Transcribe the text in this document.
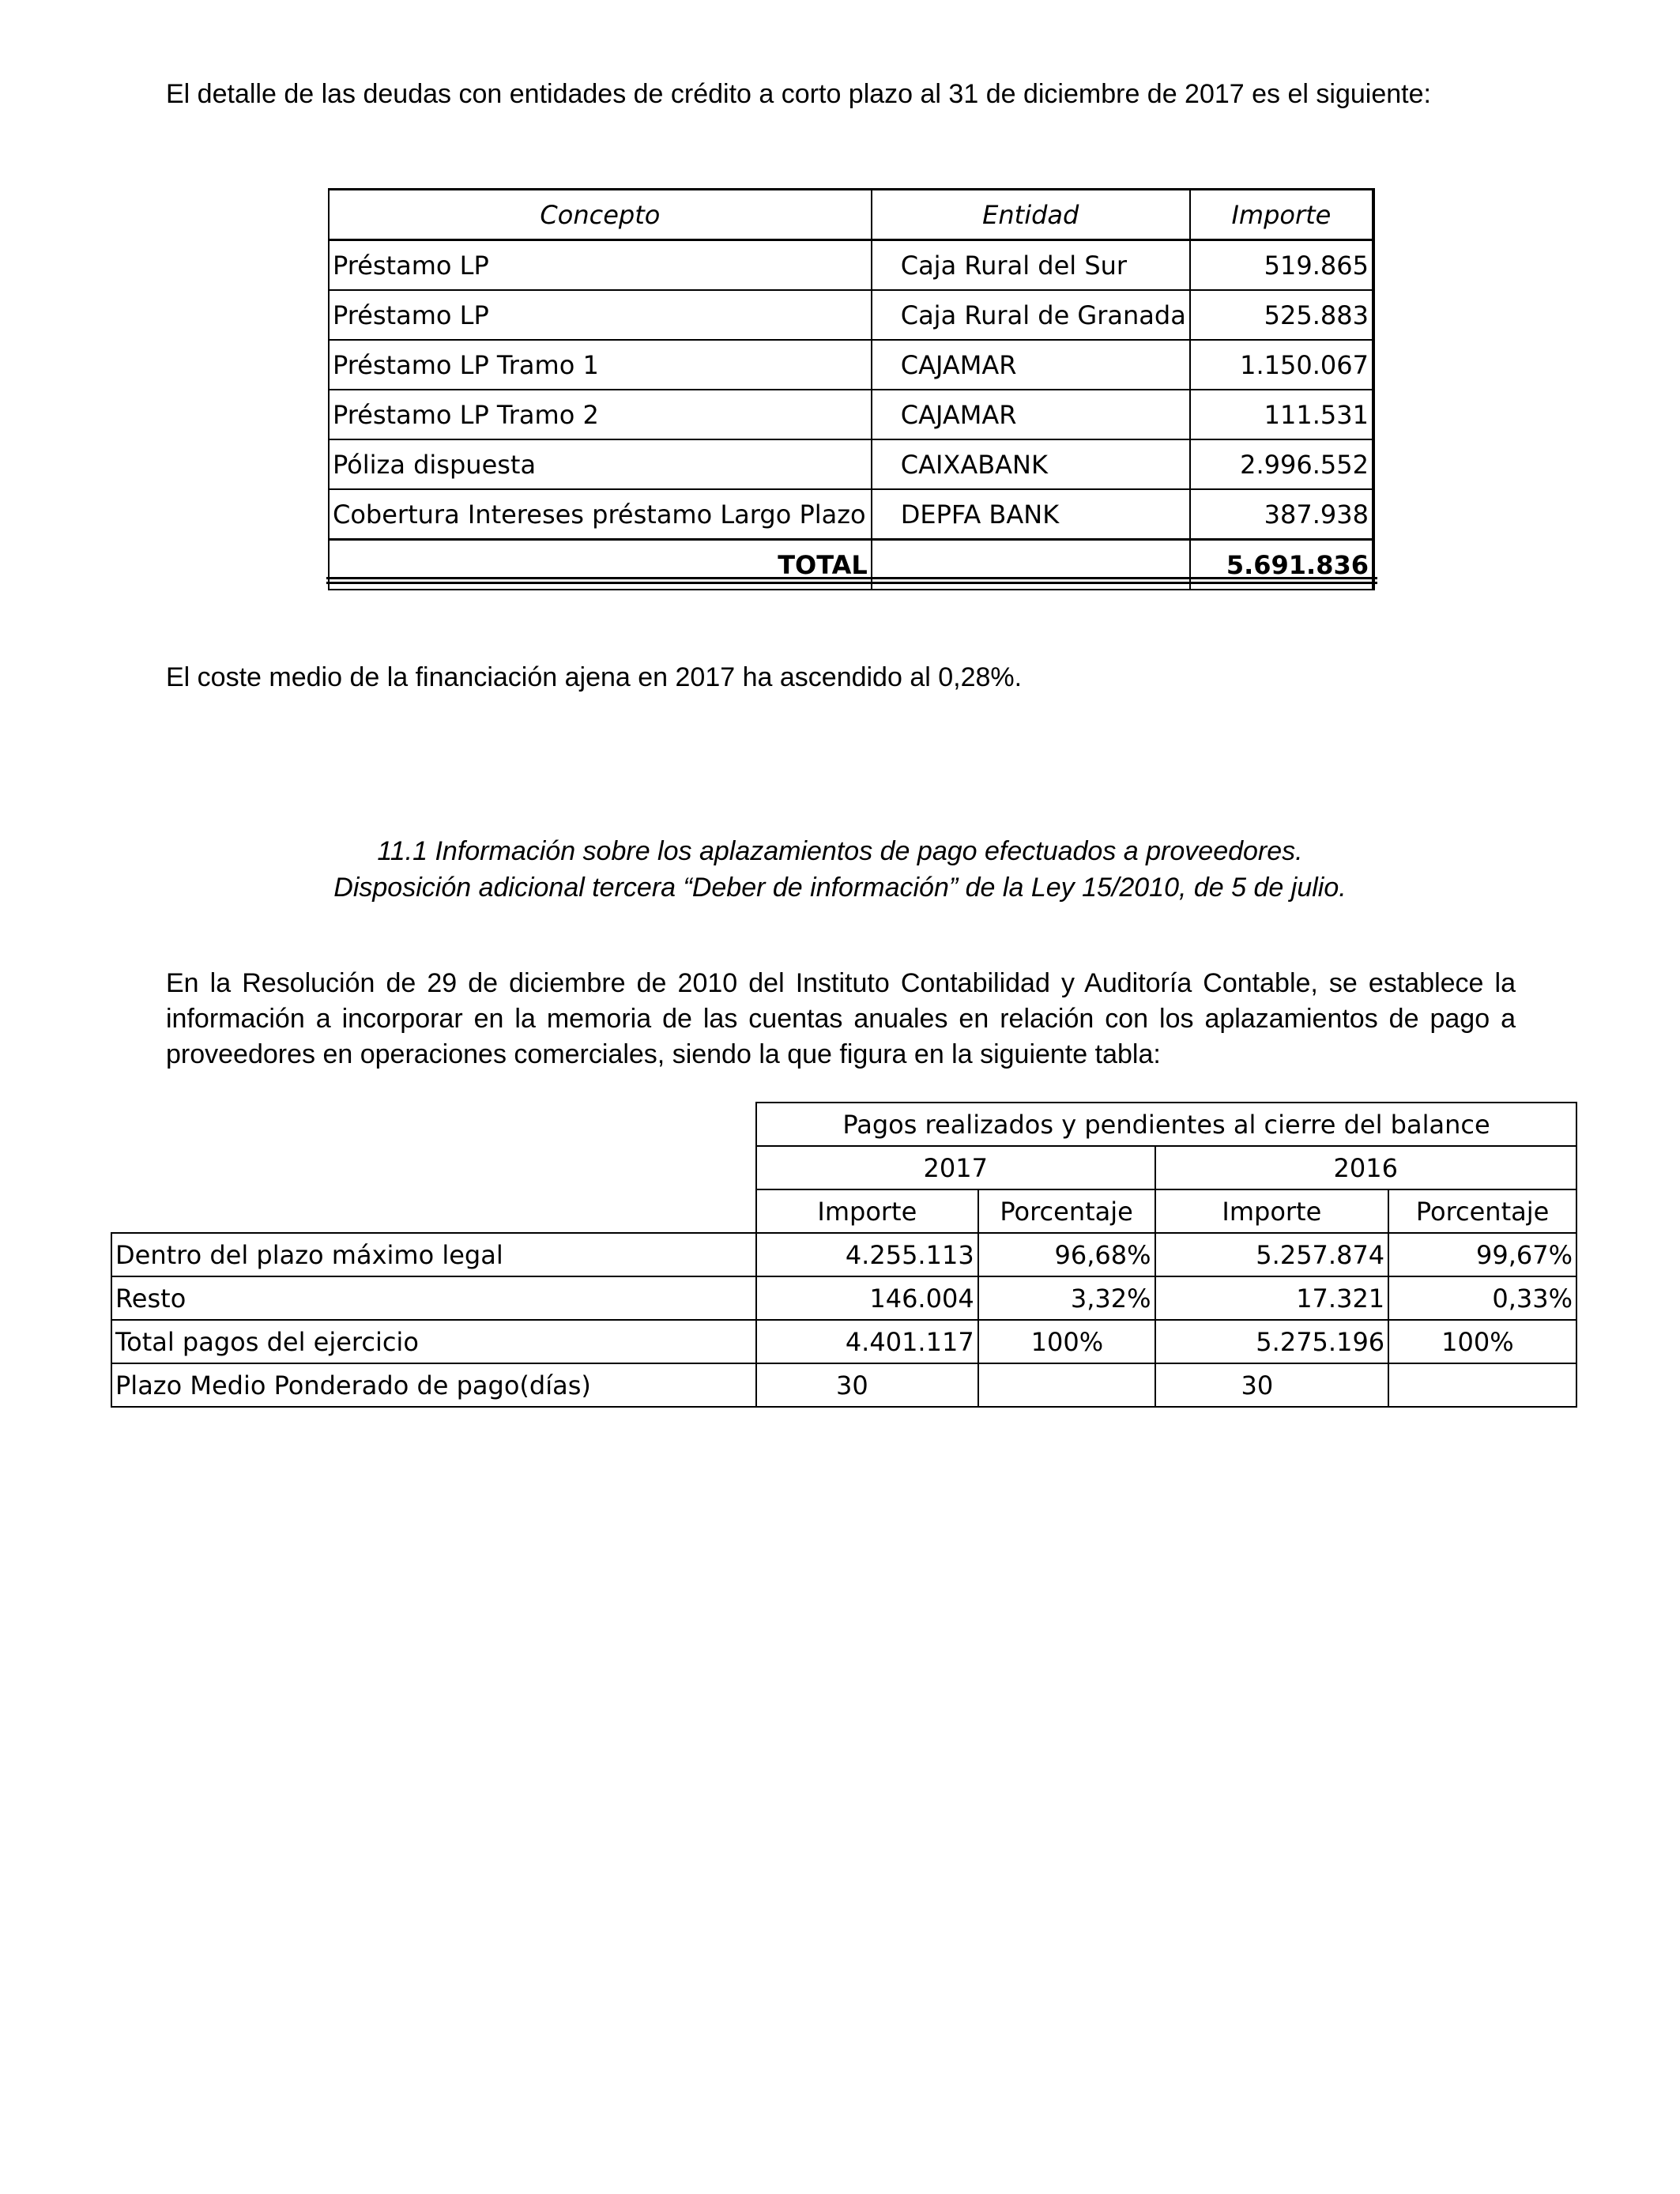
El detalle de las deudas con entidades de crédito a corto plazo al 31 de diciembre de 2017 es el siguiente:
Concepto	Entidad	Importe
Préstamo LP	Caja Rural del Sur	519.865
Préstamo LP	Caja Rural de Granada	525.883
Préstamo LP Tramo 1	CAJAMAR	1.150.067
Préstamo LP Tramo 2	CAJAMAR	111.531
Póliza dispuesta	CAIXABANK	2.996.552
Cobertura Intereses préstamo Largo Plazo	DEPFA BANK	387.938
TOTAL		5.691.836
El coste medio de la financiación ajena en 2017 ha ascendido al 0,28%.
11.1 Información sobre los aplazamientos de pago efectuados a proveedores.
Disposición adicional tercera “Deber de información” de la Ley 15/2010, de 5 de julio.
En la Resolución de 29 de diciembre de 2010 del Instituto Contabilidad y Auditoría Contable, se establece la información a incorporar en la memoria de las cuentas anuales en relación con los aplazamientos de pago a proveedores en operaciones comerciales, siendo la que figura en la siguiente tabla:
	Pagos realizados y pendientes al cierre del balance			
	2017		2016	
	Importe	Porcentaje	Importe	Porcentaje
Dentro del plazo máximo legal	4.255.113	96,68%	5.257.874	99,67%
Resto	146.004	3,32%	17.321	0,33%
Total pagos del ejercicio	4.401.117	100%	5.275.196	100%
Plazo Medio Ponderado de pago(días)	30		30	
